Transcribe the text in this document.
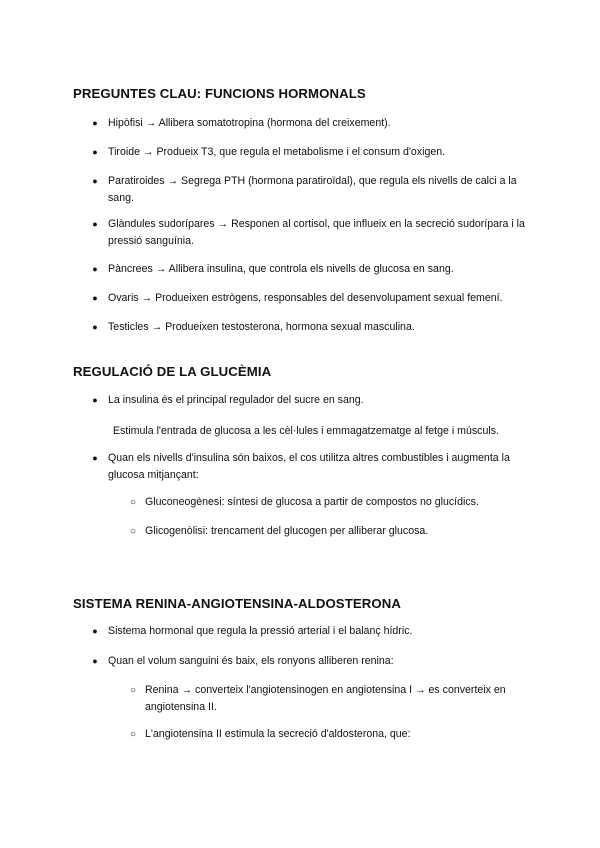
PREGUNTES CLAU: FUNCIONS HORMONALS
● Hipòfisi → Allibera somatotropina (hormona del creixement).
● Tiroide → Produeix T3, que regula el metabolisme i el consum d'oxigen.
● Paratiroides → Segrega PTH (hormona paratiroïdal), que regula els nivells de calci a la sang.
● Glàndules sudorípares → Responen al cortisol, que influeix en la secreció sudorípara i la pressió sanguínia.
● Pàncrees → Allibera insulina, que controla els nivells de glucosa en sang.
● Ovaris → Produeixen estrògens, responsables del desenvolupament sexual femení.
● Testicles → Produeixen testosterona, hormona sexual masculina.
REGULACIÓ DE LA GLUCÈMIA
● La insulina és el principal regulador del sucre en sang.
Estimula l'entrada de glucosa a les cèl·lules i emmagatzematge al fetge i músculs.
● Quan els nivells d'insulina són baixos, el cos utilitza altres combustibles i augmenta la glucosa mitjançant:
○ Gluconeogènesi: síntesi de glucosa a partir de compostos no glucídics.
○ Glicogenòlisi: trencament del glucogen per alliberar glucosa.
SISTEMA RENINA-ANGIOTENSINA-ALDOSTERONA
● Sistema hormonal que regula la pressió arterial i el balanç hídric.
● Quan el volum sanguini és baix, els ronyons alliberen renina:
○ Renina → converteix l'angiotensinogen en angiotensina I → es converteix en angiotensina II.
○ L'angiotensina II estimula la secreció d'aldosterona, que:
